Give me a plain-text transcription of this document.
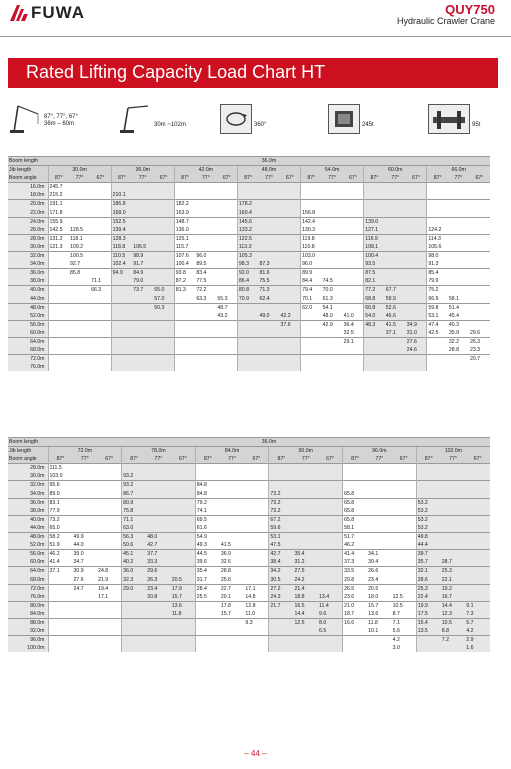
FUWA	QUY750
Hydraulic Crawler Crane
Rated Lifting Capacity Load Chart HT
87°, 77°, 67°
36m – 60m	30m ~102m	360°	245t	95t
Boom length	36.0m																				
Jib length	30.0m			36.0m			42.0m			48.0m			54.0m			60.0m			66.0m		
Boom angle	87°	77°	67°	87°	77°	67°	87°	77°	67°	87°	77°	67°	87°	77°	67°	87°	77°	67°	87°	77°	67°
16.0m	245.7																				
18.0m	215.2			210.1																	
20.0m	191.1			186.8			182.2			178.2											
22.0m	171.8			168.0			163.9			160.4			156.8								
24.0m	155.9			152.5			148.7			145.6			142.4			139.0					
26.0m	142.5	128.5		139.4			136.0			133.2			130.3			127.1			124.2		
28.0m	131.2	118.1		128.3			125.1			122.5			119.8			116.9			114.3		
30.0m	121.3	109.2		118.8	106.5		115.7			113.3			110.8			108.1			105.6		
32.0m		100.5		110.5	98.9		107.6	96.0		105.3			103.0			100.4			98.0		
34.0m		92.7		102.4	91.7		100.4	89.5		98.3	87.3		96.0			93.5			91.3		
36.0m		85.8		94.9	84.9		93.8	83.4		92.0	81.6		89.9			87.5			85.4		
38.0m			71.1		79.0		87.2	77.5		86.4	75.5		84.4	74.5		82.1			79.9		
40.0m			66.3		73.7	65.0	81.3	72.2		80.8	71.3		79.4	70.0		77.2	67.7		75.2		
44.0m						57.0		63.3	55.3	70.9	62.4		70.1	61.3		68.8	59.9		66.9	58.1	
48.0m						50.3			48.7				62.0	54.1		60.8	52.6		59.8	51.4	
52.0m									43.2		49.0	42.2		48.0	41.0	54.0	46.6		53.1	45.4	
56.0m												37.6		42.9	36.4	48.3	41.5	34.9	47.4	40.3	
60.0m															32.5		37.1	31.0	42.5	35.9	29.6
64.0m															29.1			27.6		32.2	26.3
68.0m																		24.6		28.8	23.3
72.0m																					20.7
76.0m																					
Boom length	36.0m																	
Jib length	72.0m			78.0m			84.0m			90.0m			96.0m			102.0m		
Boom angle	87°	77°	67°	87°	77°	67°	87°	77°	67°	87°	77°	67°	87°	77°	67°	87°	77°	67°
28.0m	111.5																	
30.0m	103.0			93.2														
32.0m	95.6			93.2			84.8											
34.0m	89.0			86.7			84.8			73.2			65.8					
36.0m	83.1			80.9			79.2			73.2			65.8			53.2		
38.0m	77.9			75.8			74.1			73.2			65.8			53.2		
40.0m	73.2			71.1			69.5			67.2			65.8			53.2		
44.0m	65.0			63.0			61.6			59.6			58.1			53.2		
48.0m	58.2	49.9		56.3	48.0		54.9			53.1			51.7			49.8		
52.0m	51.9	44.0		50.6	42.7		49.3	41.5		47.5			46.2			44.4		
56.0m	46.2	39.0		45.1	37.7		44.5	36.9		42.7	35.4		41.4	34.1		39.7		
60.0m	41.4	34.7		40.2	33.3		39.6	32.6		38.4	31.2		37.3	30.4		35.7	28.7	
64.0m	37.1	30.9	24.8	36.0	29.6		35.4	28.8		34.2	27.5		33.5	26.6		32.1	25.3	
68.0m		27.6	21.9	32.3	26.3	20.5	31.7	25.6		30.5	24.2		29.8	23.4		28.6	22.1	
72.0m		24.7	19.4	29.0	23.4	17.9	28.4	22.7	17.1	27.2	21.4		26.5	20.5		25.3	19.2	
76.0m			17.1		20.8	15.7	25.5	20.1	14.8	24.3	18.8	13.4	23.6	18.0	12.5	22.4	16.7	
80.0m						13.6		17.8	12.8	21.7	16.5	11.4	21.0	15.7	10.5	19.9	14.4	9.1
84.0m						11.8		15.7	11.0		14.4	9.6	18.7	13.6	8.7	17.5	12.3	7.3
88.0m									9.3		12.5	8.0	16.6	11.8	7.1	15.4	10.5	5.7
92.0m												6.5		10.1	5.6	13.5	8.8	4.2
96.0m															4.2		7.2	2.9
100.0m															3.0			1.6
– 44 –
